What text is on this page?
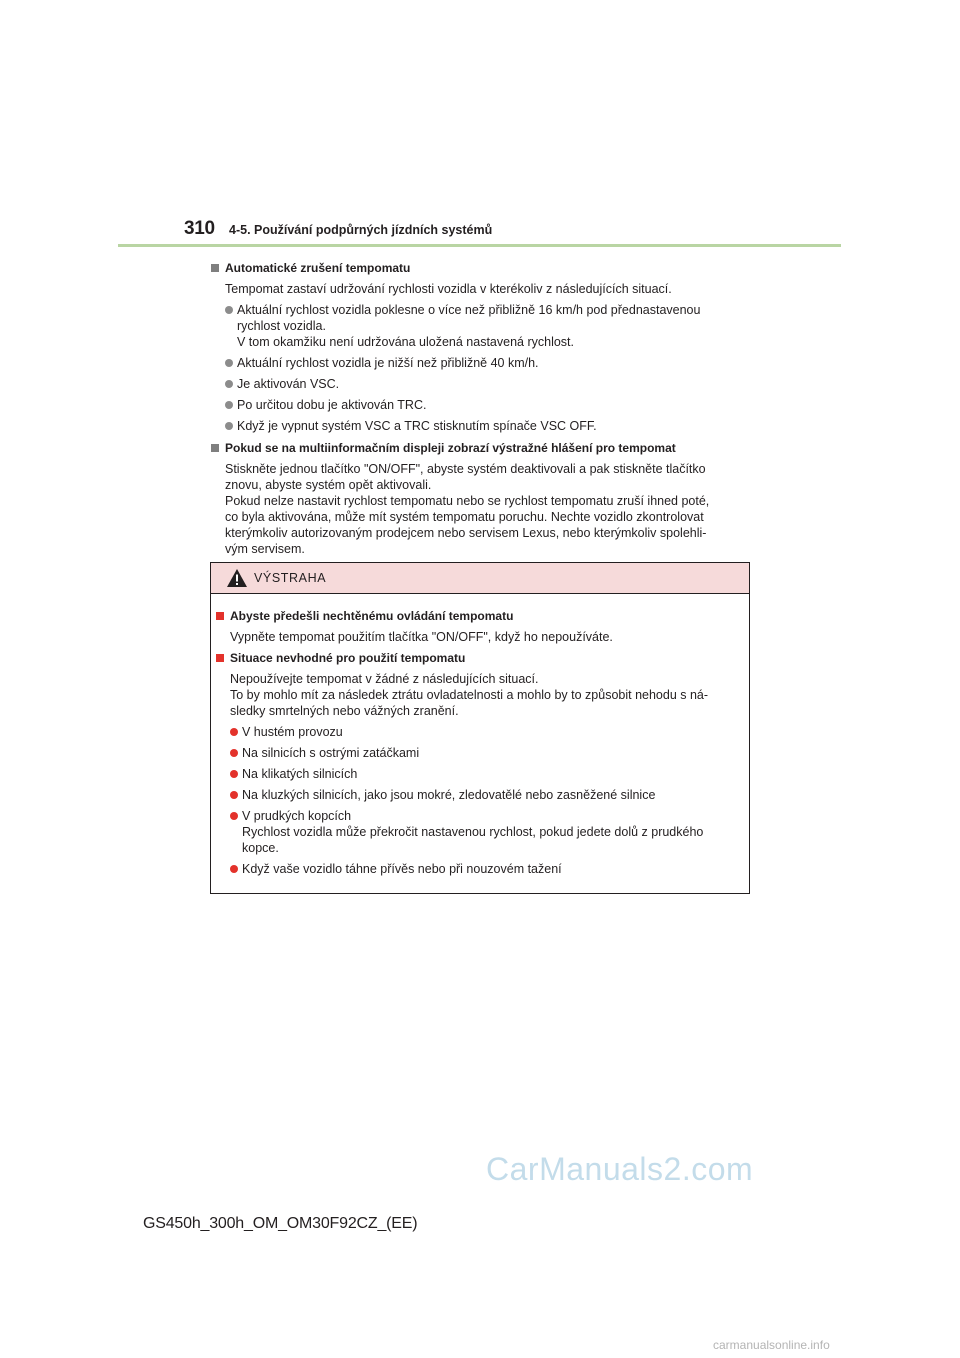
310 4-5. Používání podpůrných jízdních systémů
Automatické zrušení tempomatu
Tempomat zastaví udržování rychlosti vozidla v kterékoliv z následujících situací.
Aktuální rychlost vozidla poklesne o více než přibližně 16 km/h pod přednastavenou
rychlost vozidla.
V tom okamžiku není udržována uložená nastavená rychlost.
Aktuální rychlost vozidla je nižší než přibližně 40 km/h.
Je aktivován VSC.
Po určitou dobu je aktivován TRC.
Když je vypnut systém VSC a TRC stisknutím spínače VSC OFF.
Pokud se na multiinformačním displeji zobrazí výstražné hlášení pro tempomat
Stiskněte jednou tlačítko "ON/OFF", abyste systém deaktivovali a pak stiskněte tlačítko
znovu, abyste systém opět aktivovali.
Pokud nelze nastavit rychlost tempomatu nebo se rychlost tempomatu zruší ihned poté,
co byla aktivována, může mít systém tempomatu poruchu. Nechte vozidlo zkontrolovat
kterýmkoliv autorizovaným prodejcem nebo servisem Lexus, nebo kterýmkoliv spolehli-
vým servisem.
VÝSTRAHA
Abyste předešli nechtěnému ovládání tempomatu
Vypněte tempomat použitím tlačítka "ON/OFF", když ho nepoužíváte.
Situace nevhodné pro použití tempomatu
Nepoužívejte tempomat v žádné z následujících situací.
To by mohlo mít za následek ztrátu ovladatelnosti a mohlo by to způsobit nehodu s ná-
sledky smrtelných nebo vážných zranění.
V hustém provozu
Na silnicích s ostrými zatáčkami
Na klikatých silnicích
Na kluzkých silnicích, jako jsou mokré, zledovatělé nebo zasněžené silnice
V prudkých kopcích
Rychlost vozidla může překročit nastavenou rychlost, pokud jedete dolů z prudkého
kopce.
Když vaše vozidlo táhne přívěs nebo při nouzovém tažení
CarManuals2.com
GS450h_300h_OM_OM30F92CZ_(EE)
carmanualsonline.info
